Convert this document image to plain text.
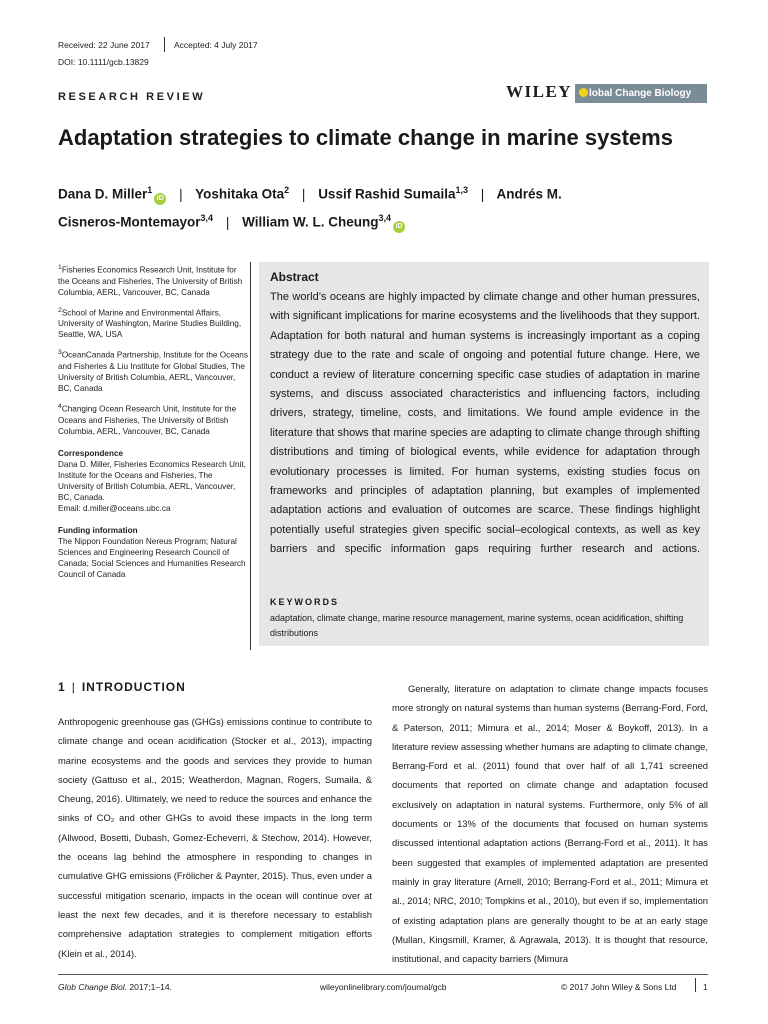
Received: 22 June 2017	Accepted: 4 July 2017
DOI: 10.1111/gcb.13829
RESEARCH REVIEW	WILEY	lobal Change Biology
Adaptation strategies to climate change in marine systems
Dana D. Miller$^1$iD | Yoshitaka Ota$^2$ | Ussif Rashid Sumaila$^{1,3}$ | Andrés M.
Cisneros-Montemayor$^{3,4}$ | William W. L. Cheung$^{3,4}$iD

$^1$Fisheries Economics Research Unit, Institute for the Oceans and Fisheries, The University of British Columbia, AERL, Vancouver, BC, Canada

$^2$School of Marine and Environmental Affairs, University of Washington, Marine Studies Building, Seattle, WA, USA

$^3$OceanCanada Partnership, Institute for the Oceans and Fisheries & Liu Institute for Global Studies, The University of British Columbia, AERL, Vancouver, BC, Canada

$^4$Changing Ocean Research Unit, Institute for the Oceans and Fisheries, The University of British Columbia, AERL, Vancouver, BC, Canada

Correspondence
Dana D. Miller, Fisheries Economics Research Unit, Institute for the Oceans and Fisheries, The University of British Columbia, AERL, Vancouver, BC, Canada.
Email: d.miller@oceans.ubc.ca
Funding information
The Nippon Foundation Nereus Program; Natural Sciences and Engineering Research Council of Canada; Social Sciences and Humanities Research Council of Canada
Abstract
The world’s oceans are highly impacted by climate change and other human pressures, with significant implications for marine ecosystems and the livelihoods that they support. Adaptation for both natural and human systems is increasingly important as a coping strategy due to the rate and scale of ongoing and potential future change. Here, we conduct a review of literature concerning specific case studies of adaptation in marine systems, and discuss associated characteristics and influencing factors, including drivers, strategy, timeline, costs, and limitations. We found ample evidence in the literature that shows that marine species are adapting to climate change through shifting distributions and timing of biological events, while evidence for adaptation through evolutionary processes is limited. For human systems, existing studies focus on frameworks and principles of adaptation planning, but examples of implemented adaptation actions and evaluation of outcomes are scarce. These findings highlight potentially useful strategies given specific social–ecological contexts, as well as key barriers and specific information gaps requiring further research and actions.
KEYWORDS
adaptation, climate change, marine resource management, marine systems, ocean acidification, shifting distributions
1 | INTRODUCTION
Anthropogenic greenhouse gas (GHGs) emissions continue to contribute to climate change and ocean acidification (Stocker et al., 2013), impacting marine ecosystems and the goods and services they provide to human society (Gattuso et al., 2015; Weatherdon, Magnan, Rogers, Sumaila, & Cheung, 2016). Ultimately, we need to reduce the sources and enhance the sinks of CO₂ and other GHGs to avoid these impacts in the long term (Allwood, Bosetti, Dubash, Gomez-Echeverri, & Stechow, 2014). However, the oceans lag behind the atmosphere in responding to changes in cumulative GHG emissions (Frölicher & Paynter, 2015). Thus, even under a successful mitigation scenario, impacts in the ocean will continue over at least the next few decades, and it is therefore necessary to establish comprehensive adaptation strategies to complement mitigation efforts (Klein et al., 2014).
Generally, literature on adaptation to climate change impacts focuses more strongly on natural systems than human systems (Berrang-Ford, Ford, & Paterson, 2011; Mimura et al., 2014; Moser & Boykoff, 2013). In a literature review assessing whether humans are adapting to climate change, Berrang-Ford et al. (2011) found that over half of all 1,741 screened documents that reported on climate change and adaptation focused exclusively on adaptation in natural systems. Furthermore, only 5% of all documents or 13% of the documents that focused on human systems discussed intentional adaptation actions (Berrang-Ford et al., 2011). It has been suggested that examples of implemented adaptation are presented mainly in gray literature (Arnell, 2010; Berrang-Ford et al., 2011; Mimura et al., 2014; NRC, 2010; Tompkins et al., 2010), but even if so, implementation of existing adaptation plans are generally thought to be at an early stage (Mullan, Kingsmill, Kramer, & Agrawala, 2013). It is thought that resource, institutional, and capacity barriers (Mimura
Glob Change Biol. 2017;1–14.	wileyonlinelibrary.com/journal/gcb	© 2017 John Wiley & Sons Ltd	1
